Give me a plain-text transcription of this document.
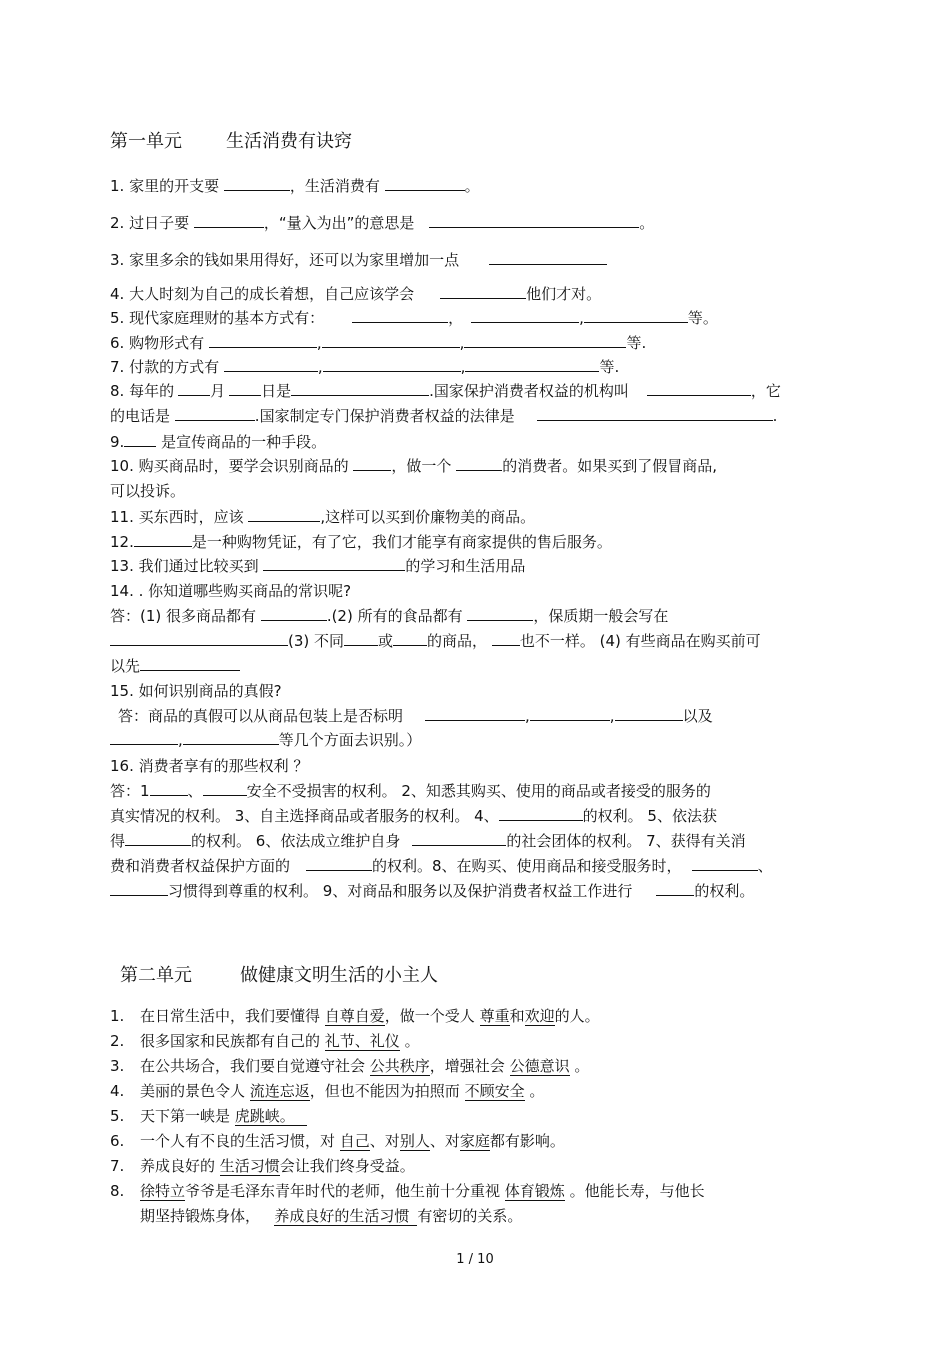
第一单元 生活消费有诀窍
1. 家里的开支要	，生活消费有	。
2. 过日子要	，“量入为出”的意思是	。
3. 家里多余的钱如果用得好，还可以为家里增加一点
4. 大人时刻为自己的成长着想，自己应该学会	他们才对。
5. 现代家庭理财的基本方式有：	，	,	等。
6. 购物形式有	,	,	等.
7. 付款的方式有	,	,	等.
8. 每年的 月 日是	.国家保护消费者权益的机构叫	，它
的电话是	.国家制定专门保护消费者权益的法律是	.
9. 是宣传商品的一种手段。
10. 购买商品时，要学会识别商品的	，做一个	的消费者。如果买到了假冒商品,
可以投诉。
11. 买东西时，应该	,这样可以买到价廉物美的商品。
12.	是一种购物凭证，有了它，我们才能享有商家提供的售后服务。
13. 我们通过比较买到	的学习和生活用品
14. . 你知道哪些购买商品的常识呢?
答：(1) 很多商品都有	.(2) 所有的食品都有	，保质期一般会写在
(3) 不同 或 的商品， 也不一样。 (4) 有些商品在购买前可
以先
15. 如何识别商品的真假?
答：商品的真假可以从商品包装上是否标明	,	,	以及
,	等几个方面去识别。）
16. 消费者享有的那些权利 ？
答：1	、	安全不受损害的权利。 2、知悉其购买、使用的商品或者接受的服务的
真实情况的权利。 3、自主选择商品或者服务的权利。 4、	的权利。 5、依法获
得	的权利。 6、依法成立维护自身	的社会团体的权利。 7、获得有关消
费和消费者权益保护方面的	的权利。8、在购买、使用商品和接受服务时，	、
习惯得到尊重的权利。 9、对商品和服务以及保护消费者权益工作进行	的权利。
第二单元	做健康文明生活的小主人
1. 在日常生活中，我们要懂得 自尊自爱，做一个受人 尊重和欢迎的人。
2. 很多国家和民族都有自己的 礼节、礼仪 。
3. 在公共场合，我们要自觉遵守社会 公共秩序，增强社会 公德意识 。
4. 美丽的景色令人 流连忘返，但也不能因为拍照而 不顾安全 。
5. 天下第一峡是 虎跳峡。
6. 一个人有不良的生活习惯，对 自己、对别人、对家庭都有影响。
7. 养成良好的 生活习惯会让我们终身受益。
8. 徐特立爷爷是毛泽东青年时代的老师，他生前十分重视 体育锻炼 。他能长寿，与他长
期坚持锻炼身体， 养成良好的生活习惯 有密切的关系。
1 / 10
